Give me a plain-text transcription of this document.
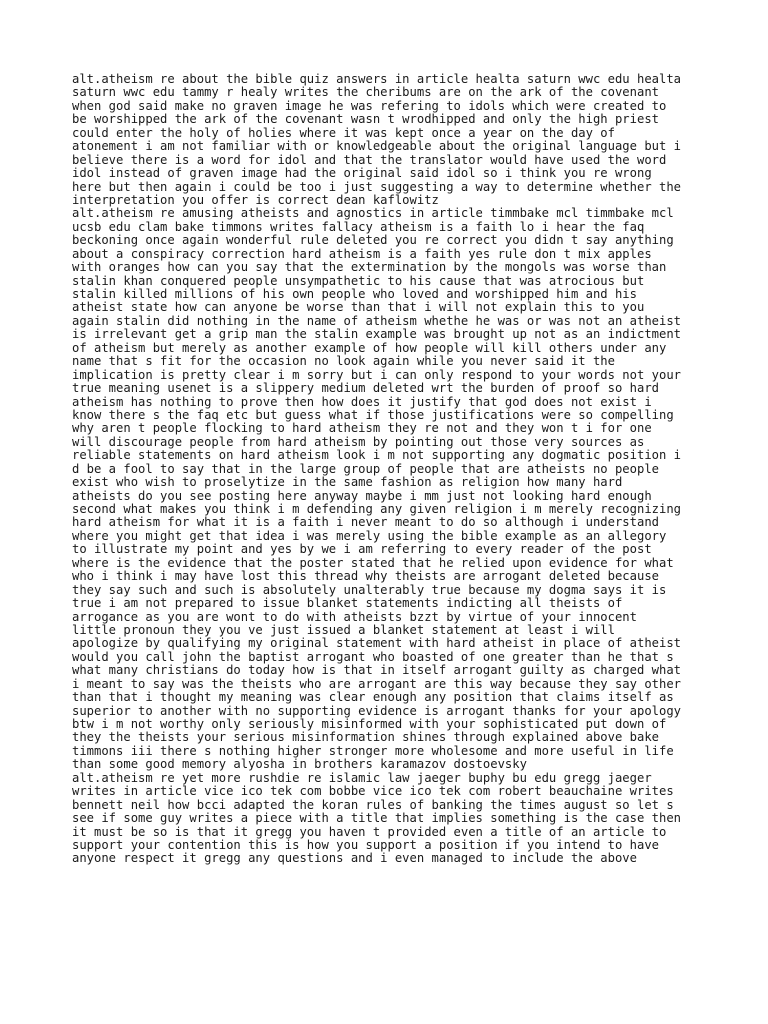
alt.atheism re about the bible quiz answers in article healta saturn wwc edu healta
saturn wwc edu tammy r healy writes the cheribums are on the ark of the covenant
when god said make no graven image he was refering to idols which were created to
be worshipped the ark of the covenant wasn t wrodhipped and only the high priest
could enter the holy of holies where it was kept once a year on the day of
atonement i am not familiar with or knowledgeable about the original language but i
believe there is a word for idol and that the translator would have used the word
idol instead of graven image had the original said idol so i think you re wrong
here but then again i could be too i just suggesting a way to determine whether the
interpretation you offer is correct dean kaflowitz
alt.atheism re amusing atheists and agnostics in article timmbake mcl timmbake mcl
ucsb edu clam bake timmons writes fallacy atheism is a faith lo i hear the faq
beckoning once again wonderful rule deleted you re correct you didn t say anything
about a conspiracy correction hard atheism is a faith yes rule don t mix apples
with oranges how can you say that the extermination by the mongols was worse than
stalin khan conquered people unsympathetic to his cause that was atrocious but
stalin killed millions of his own people who loved and worshipped him and his
atheist state how can anyone be worse than that i will not explain this to you
again stalin did nothing in the name of atheism whethe he was or was not an atheist
is irrelevant get a grip man the stalin example was brought up not as an indictment
of atheism but merely as another example of how people will kill others under any
name that s fit for the occasion no look again while you never said it the
implication is pretty clear i m sorry but i can only respond to your words not your
true meaning usenet is a slippery medium deleted wrt the burden of proof so hard
atheism has nothing to prove then how does it justify that god does not exist i
know there s the faq etc but guess what if those justifications were so compelling
why aren t people flocking to hard atheism they re not and they won t i for one
will discourage people from hard atheism by pointing out those very sources as
reliable statements on hard atheism look i m not supporting any dogmatic position i
d be a fool to say that in the large group of people that are atheists no people
exist who wish to proselytize in the same fashion as religion how many hard
atheists do you see posting here anyway maybe i mm just not looking hard enough
second what makes you think i m defending any given religion i m merely recognizing
hard atheism for what it is a faith i never meant to do so although i understand
where you might get that idea i was merely using the bible example as an allegory
to illustrate my point and yes by we i am referring to every reader of the post
where is the evidence that the poster stated that he relied upon evidence for what
who i think i may have lost this thread why theists are arrogant deleted because
they say such and such is absolutely unalterably true because my dogma says it is
true i am not prepared to issue blanket statements indicting all theists of
arrogance as you are wont to do with atheists bzzt by virtue of your innocent
little pronoun they you ve just issued a blanket statement at least i will
apologize by qualifying my original statement with hard atheist in place of atheist
would you call john the baptist arrogant who boasted of one greater than he that s
what many christians do today how is that in itself arrogant guilty as charged what
i meant to say was the theists who are arrogant are this way because they say other
than that i thought my meaning was clear enough any position that claims itself as
superior to another with no supporting evidence is arrogant thanks for your apology
btw i m not worthy only seriously misinformed with your sophisticated put down of
they the theists your serious misinformation shines through explained above bake
timmons iii there s nothing higher stronger more wholesome and more useful in life
than some good memory alyosha in brothers karamazov dostoevsky
alt.atheism re yet more rushdie re islamic law jaeger buphy bu edu gregg jaeger
writes in article vice ico tek com bobbe vice ico tek com robert beauchaine writes
bennett neil how bcci adapted the koran rules of banking the times august so let s
see if some guy writes a piece with a title that implies something is the case then
it must be so is that it gregg you haven t provided even a title of an article to
support your contention this is how you support a position if you intend to have
anyone respect it gregg any questions and i even managed to include the above
